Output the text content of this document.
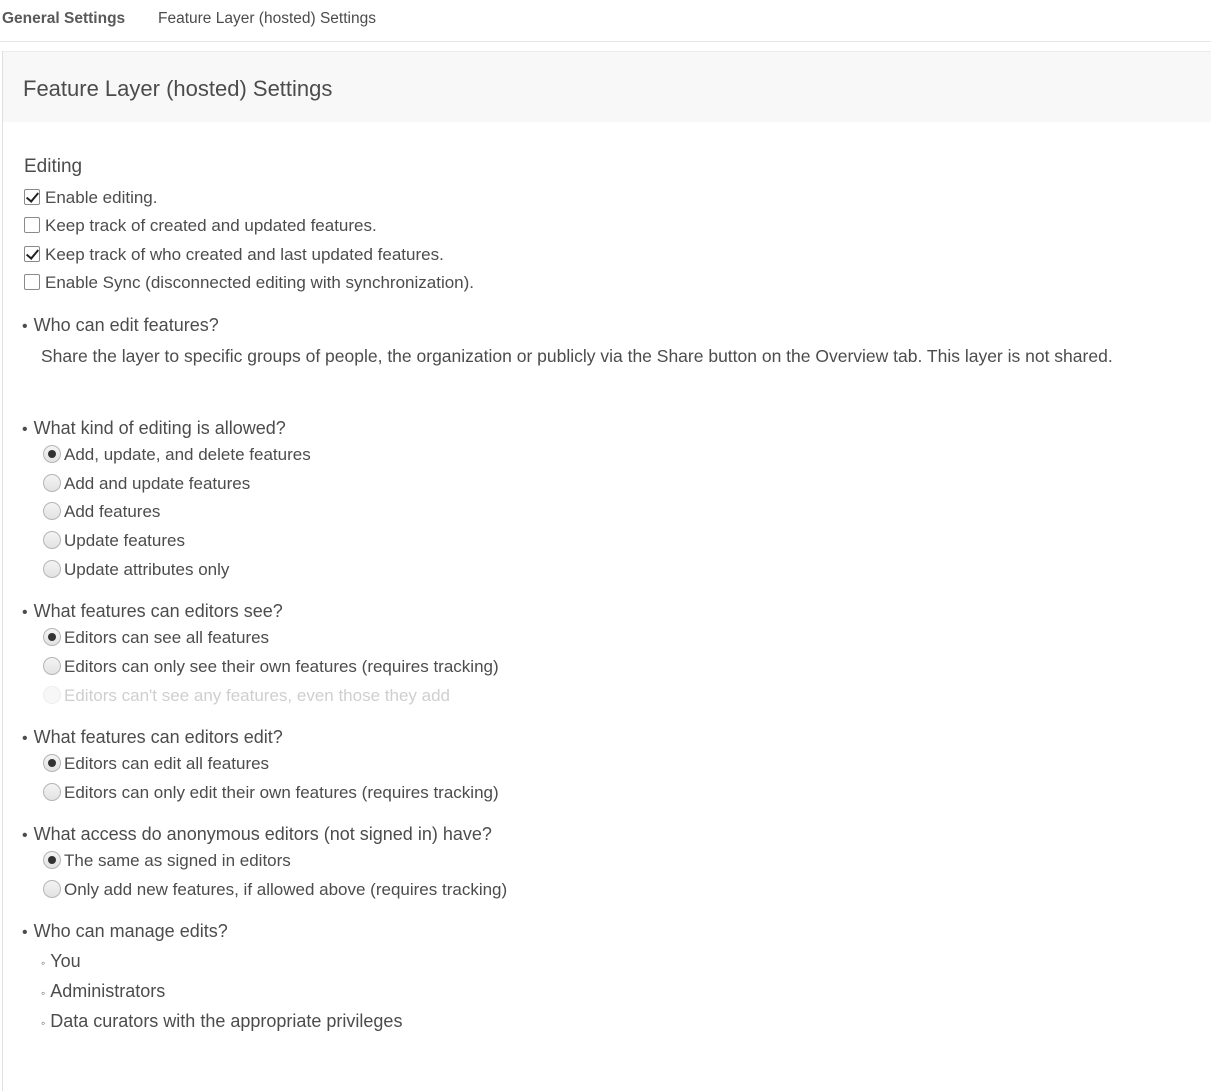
General Settings Feature Layer (hosted) Settings
Feature Layer (hosted) Settings
Editing
Enable editing.
Keep track of created and updated features.
Keep track of who created and last updated features.
Enable Sync (disconnected editing with synchronization).
• Who can edit features?
Share the layer to specific groups of people, the organization or publicly via the Share button on the Overview tab. This layer is not shared.
• What kind of editing is allowed?
Add, update, and delete features
Add and update features
Add features
Update features
Update attributes only
• What features can editors see?
Editors can see all features
Editors can only see their own features (requires tracking)
Editors can't see any features, even those they add
• What features can editors edit?
Editors can edit all features
Editors can only edit their own features (requires tracking)
• What access do anonymous editors (not signed in) have?
The same as signed in editors
Only add new features, if allowed above (requires tracking)
• Who can manage edits?
◦ You
◦ Administrators
◦ Data curators with the appropriate privileges
